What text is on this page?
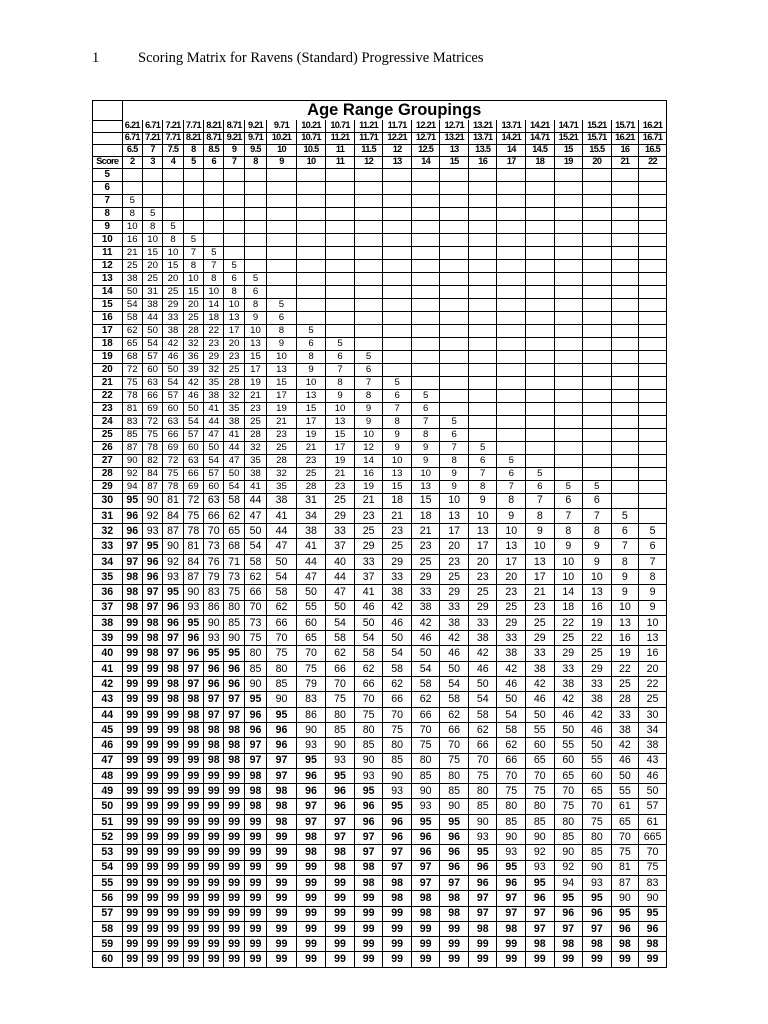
1	Scoring Matrix for Ravens (Standard) Progressive Matrices
	Age Range Groupings																				
	6.21	6.71	7.21	7.71	8.21	8.71	9.21	9.71	10.21	10.71	11.21	11.71	12.21	12.71	13.21	13.71	14.21	14.71	15.21	15.71	16.21
	6.71	7.21	7.71	8.21	8.71	9.21	9.71	10.21	10.71	11.21	11.71	12.21	12.71	13.21	13.71	14.21	14.71	15.21	15.71	16.21	16.71
	6.5	7	7.5	8	8.5	9	9.5	10	10.5	11	11.5	12	12.5	13	13.5	14	14.5	15	15.5	16	16.5
Score	2	3	4	5	6	7	8	9	10	11	12	13	14	15	16	17	18	19	20	21	22
5																					
6																					
7	5																				
8	8	5																			
9	10	8	5																		
10	16	10	8	5																	
11	21	15	10	7	5																
12	25	20	15	8	7	5															
13	38	25	20	10	8	6	5														
14	50	31	25	15	10	8	6														
15	54	38	29	20	14	10	8	5													
16	58	44	33	25	18	13	9	6													
17	62	50	38	28	22	17	10	8	5												
18	65	54	42	32	23	20	13	9	6	5											
19	68	57	46	36	29	23	15	10	8	6	5										
20	72	60	50	39	32	25	17	13	9	7	6										
21	75	63	54	42	35	28	19	15	10	8	7	5									
22	78	66	57	46	38	32	21	17	13	9	8	6	5								
23	81	69	60	50	41	35	23	19	15	10	9	7	6								
24	83	72	63	54	44	38	25	21	17	13	9	8	7	5							
25	85	75	66	57	47	41	28	23	19	15	10	9	8	6							
26	87	78	69	60	50	44	32	25	21	17	12	9	9	7	5						
27	90	82	72	63	54	47	35	28	23	19	14	10	9	8	6	5					
28	92	84	75	66	57	50	38	32	25	21	16	13	10	9	7	6	5				
29	94	87	78	69	60	54	41	35	28	23	19	15	13	9	8	7	6	5	5		
30	95	90	81	72	63	58	44	38	31	25	21	18	15	10	9	8	7	6	6		
31	96	92	84	75	66	62	47	41	34	29	23	21	18	13	10	9	8	7	7	5	
32	96	93	87	78	70	65	50	44	38	33	25	23	21	17	13	10	9	8	8	6	5
33	97	95	90	81	73	68	54	47	41	37	29	25	23	20	17	13	10	9	9	7	6
34	97	96	92	84	76	71	58	50	44	40	33	29	25	23	20	17	13	10	9	8	7
35	98	96	93	87	79	73	62	54	47	44	37	33	29	25	23	20	17	10	10	9	8
36	98	97	95	90	83	75	66	58	50	47	41	38	33	29	25	23	21	14	13	9	9
37	98	97	96	93	86	80	70	62	55	50	46	42	38	33	29	25	23	18	16	10	9
38	99	98	96	95	90	85	73	66	60	54	50	46	42	38	33	29	25	22	19	13	10
39	99	98	97	96	93	90	75	70	65	58	54	50	46	42	38	33	29	25	22	16	13
40	99	98	97	96	95	95	80	75	70	62	58	54	50	46	42	38	33	29	25	19	16
41	99	99	98	97	96	96	85	80	75	66	62	58	54	50	46	42	38	33	29	22	20
42	99	99	98	97	96	96	90	85	79	70	66	62	58	54	50	46	42	38	33	25	22
43	99	99	98	98	97	97	95	90	83	75	70	66	62	58	54	50	46	42	38	28	25
44	99	99	99	98	97	97	96	95	86	80	75	70	66	62	58	54	50	46	42	33	30
45	99	99	99	98	98	98	96	96	90	85	80	75	70	66	62	58	55	50	46	38	34
46	99	99	99	99	98	98	97	96	93	90	85	80	75	70	66	62	60	55	50	42	38
47	99	99	99	99	98	98	97	97	95	93	90	85	80	75	70	66	65	60	55	46	43
48	99	99	99	99	99	99	98	97	96	95	93	90	85	80	75	70	70	65	60	50	46
49	99	99	99	99	99	99	98	98	96	96	95	93	90	85	80	75	75	70	65	55	50
50	99	99	99	99	99	99	98	98	97	96	96	95	93	90	85	80	80	75	70	61	57
51	99	99	99	99	99	99	99	98	97	97	96	96	95	95	90	85	85	80	75	65	61
52	99	99	99	99	99	99	99	99	98	97	97	96	96	96	93	90	90	85	80	70	665
53	99	99	99	99	99	99	99	99	98	98	97	97	96	96	95	93	92	90	85	75	70
54	99	99	99	99	99	99	99	99	99	98	98	97	97	96	96	95	93	92	90	81	75
55	99	99	99	99	99	99	99	99	99	99	98	98	97	97	96	96	95	94	93	87	83
56	99	99	99	99	99	99	99	99	99	99	99	98	98	98	97	97	96	95	95	90	90
57	99	99	99	99	99	99	99	99	99	99	99	99	98	98	97	97	97	96	96	95	95
58	99	99	99	99	99	99	99	99	99	99	99	99	99	99	98	98	97	97	97	96	96
59	99	99	99	99	99	99	99	99	99	99	99	99	99	99	99	99	98	98	98	98	98
60	99	99	99	99	99	99	99	99	99	99	99	99	99	99	99	99	99	99	99	99	99
